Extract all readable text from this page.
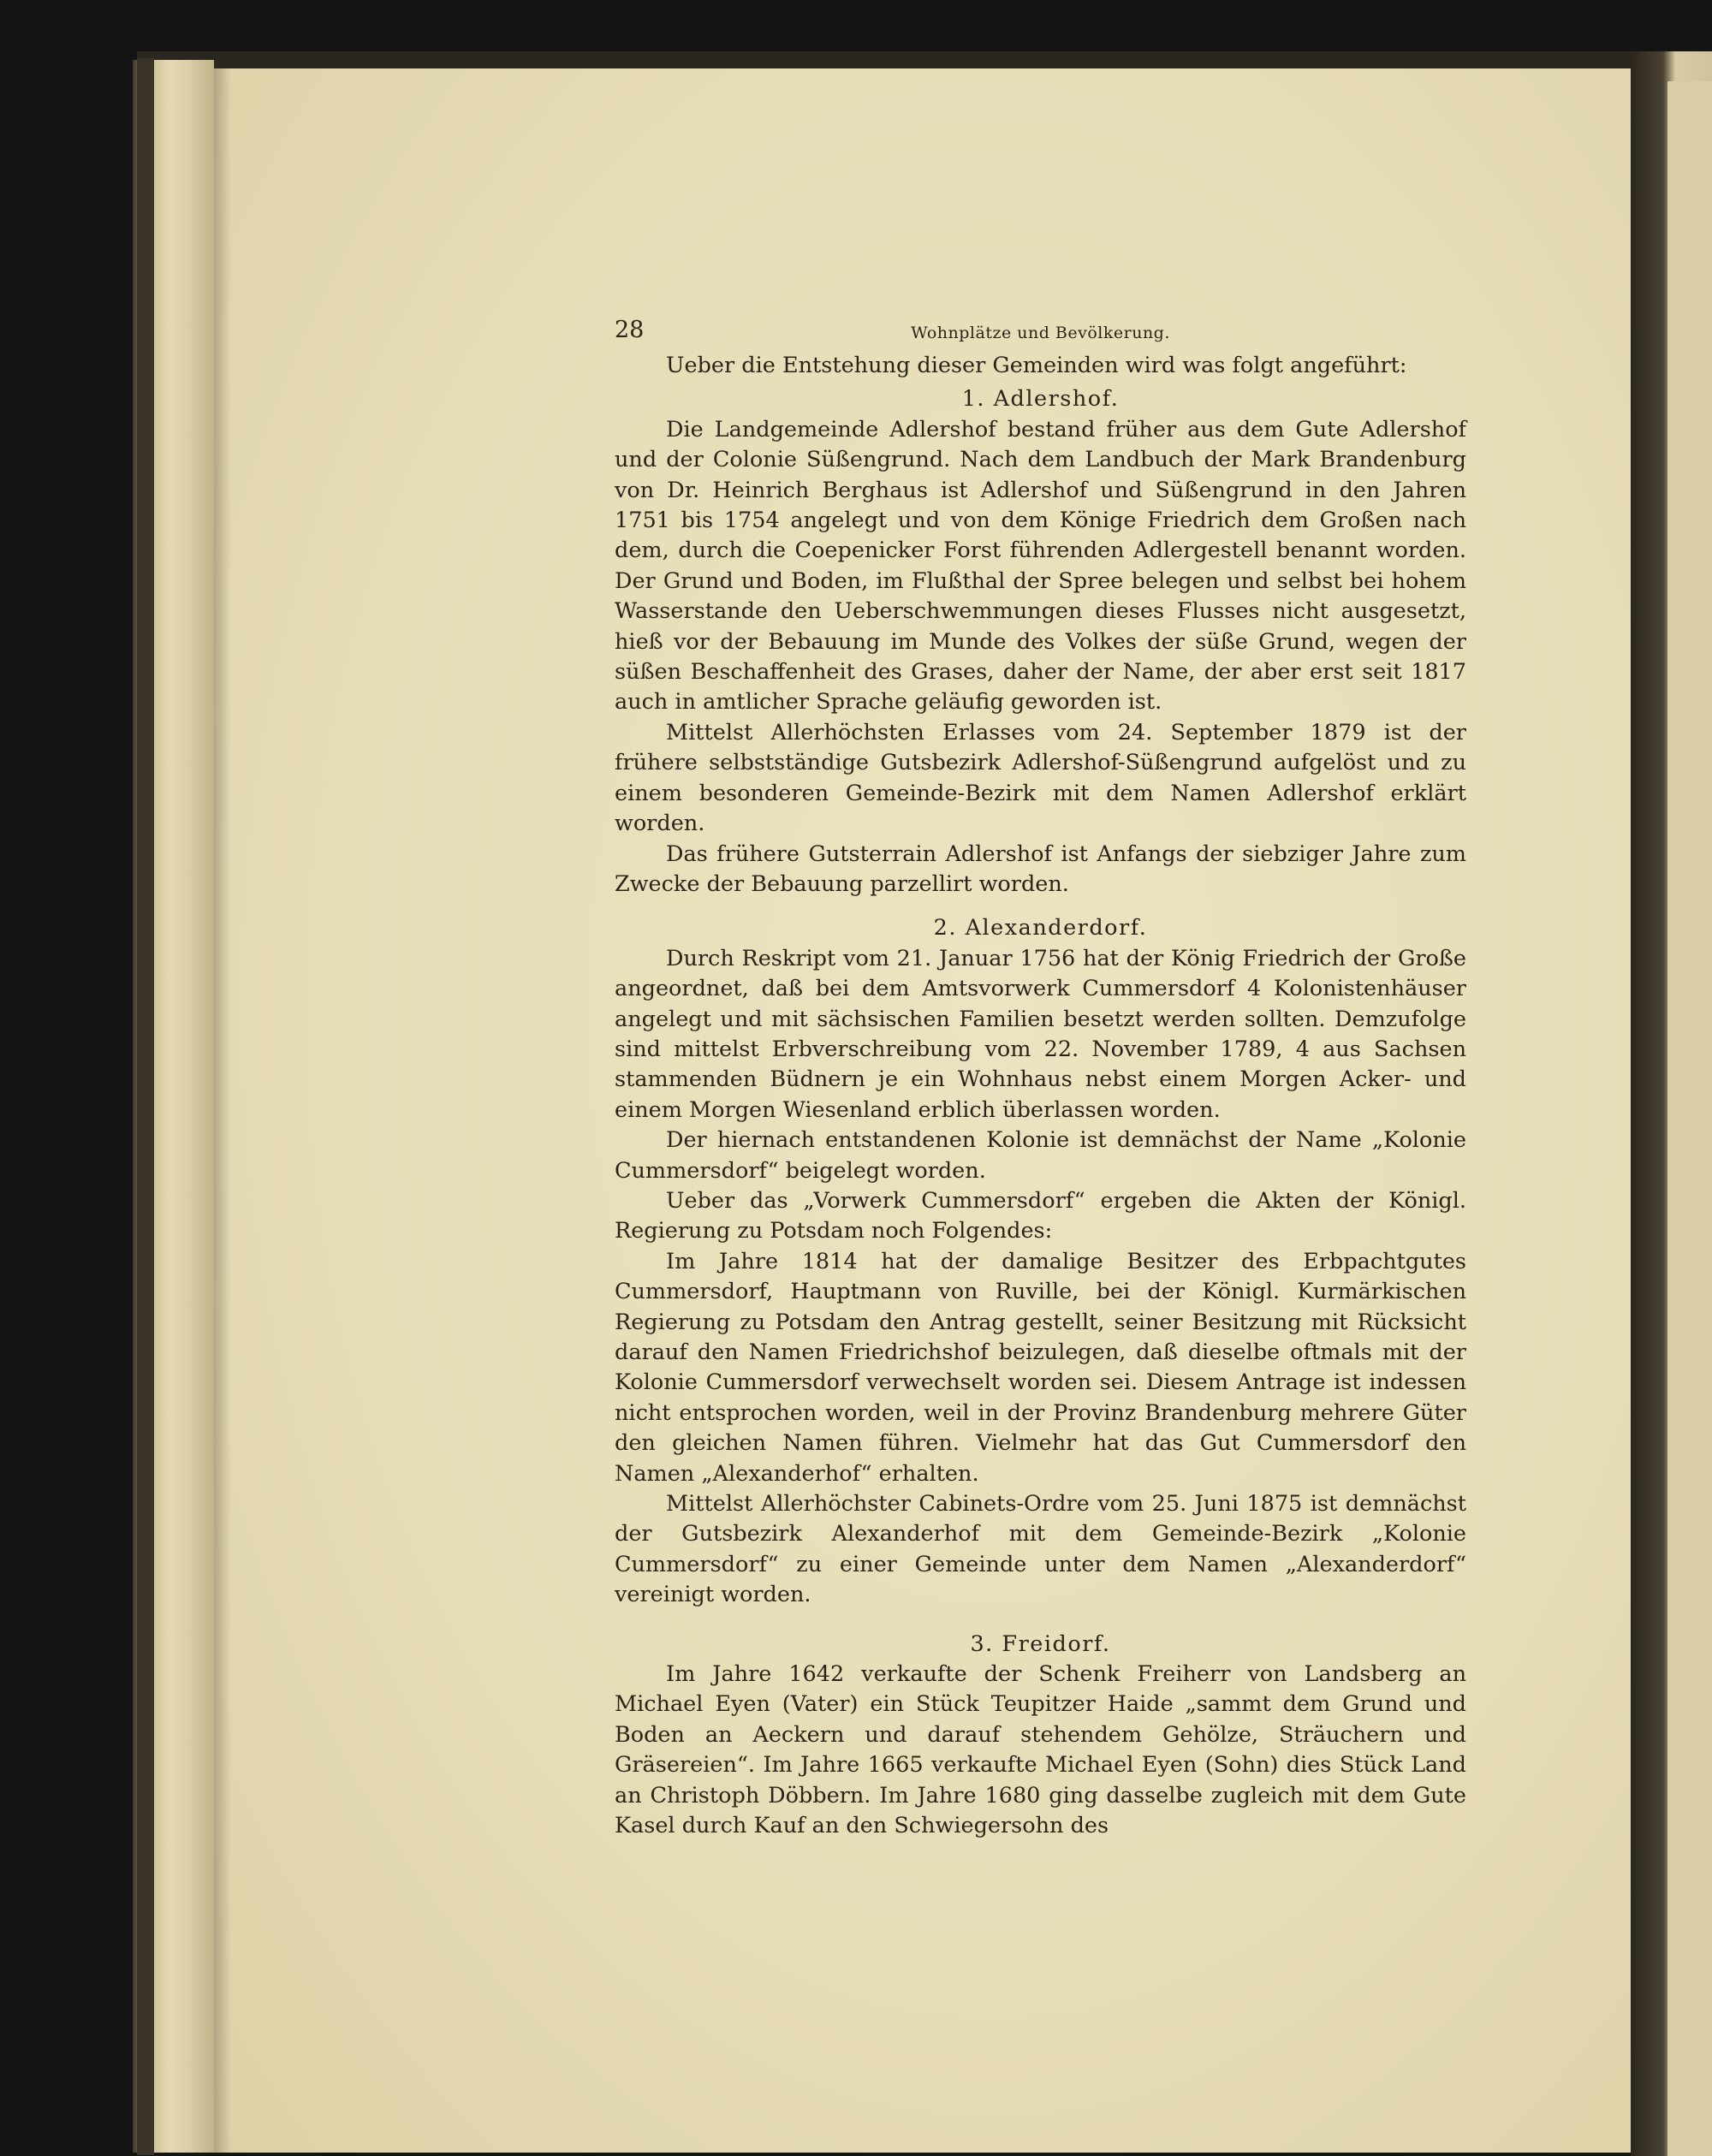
28	Wohnplätze und Bevölkerung.

Ueber die Entstehung dieser Gemeinden wird was folgt angeführt:

1. Adlershof.

Die Landgemeinde Adlershof bestand früher aus dem Gute Adlershof und der Colonie Süßengrund. Nach dem Landbuch der Mark Brandenburg von Dr. Heinrich Berghaus ist Adlershof und Süßengrund in den Jahren 1751 bis 1754 angelegt und von dem Könige Friedrich dem Großen nach dem, durch die Coepenicker Forst führenden Adlergestell benannt worden. Der Grund und Boden, im Flußthal der Spree belegen und selbst bei hohem Wasserstande den Ueberschwemmungen dieses Flusses nicht ausgesetzt, hieß vor der Bebauung im Munde des Volkes der süße Grund, wegen der süßen Beschaffenheit des Grases, daher der Name, der aber erst seit 1817 auch in amtlicher Sprache geläufig geworden ist.

Mittelst Allerhöchsten Erlasses vom 24. September 1879 ist der frühere selbstständige Gutsbezirk Adlershof-Süßengrund aufgelöst und zu einem besonderen Gemeinde-Bezirk mit dem Namen Adlershof erklärt worden.

Das frühere Gutsterrain Adlershof ist Anfangs der siebziger Jahre zum Zwecke der Bebauung parzellirt worden.

2. Alexanderdorf.

Durch Reskript vom 21. Januar 1756 hat der König Friedrich der Große angeordnet, daß bei dem Amtsvorwerk Cummersdorf 4 Kolonistenhäuser angelegt und mit sächsischen Familien besetzt werden sollten. Demzufolge sind mittelst Erbverschreibung vom 22. November 1789, 4 aus Sachsen stammenden Büdnern je ein Wohnhaus nebst einem Morgen Acker- und einem Morgen Wiesenland erblich überlassen worden.

Der hiernach entstandenen Kolonie ist demnächst der Name „Kolonie Cummersdorf“ beigelegt worden.

Ueber das „Vorwerk Cummersdorf“ ergeben die Akten der Königl. Regierung zu Potsdam noch Folgendes:

Im Jahre 1814 hat der damalige Besitzer des Erbpachtgutes Cummersdorf, Hauptmann von Ruville, bei der Königl. Kurmärkischen Regierung zu Potsdam den Antrag gestellt, seiner Besitzung mit Rücksicht darauf den Namen Friedrichshof beizulegen, daß dieselbe oftmals mit der Kolonie Cummersdorf verwechselt worden sei. Diesem Antrage ist indessen nicht entsprochen worden, weil in der Provinz Brandenburg mehrere Güter den gleichen Namen führen. Vielmehr hat das Gut Cummersdorf den Namen „Alexanderhof“ erhalten.

Mittelst Allerhöchster Cabinets-Ordre vom 25. Juni 1875 ist demnächst der Gutsbezirk Alexanderhof mit dem Gemeinde-Bezirk „Kolonie Cummersdorf“ zu einer Gemeinde unter dem Namen „Alexanderdorf“ vereinigt worden.

3. Freidorf.

Im Jahre 1642 verkaufte der Schenk Freiherr von Landsberg an Michael Eyen (Vater) ein Stück Teupitzer Haide „sammt dem Grund und Boden an Aeckern und darauf stehendem Gehölze, Sträuchern und Gräsereien“. Im Jahre 1665 verkaufte Michael Eyen (Sohn) dies Stück Land an Christoph Döbbern. Im Jahre 1680 ging dasselbe zugleich mit dem Gute Kasel durch Kauf an den Schwiegersohn des
